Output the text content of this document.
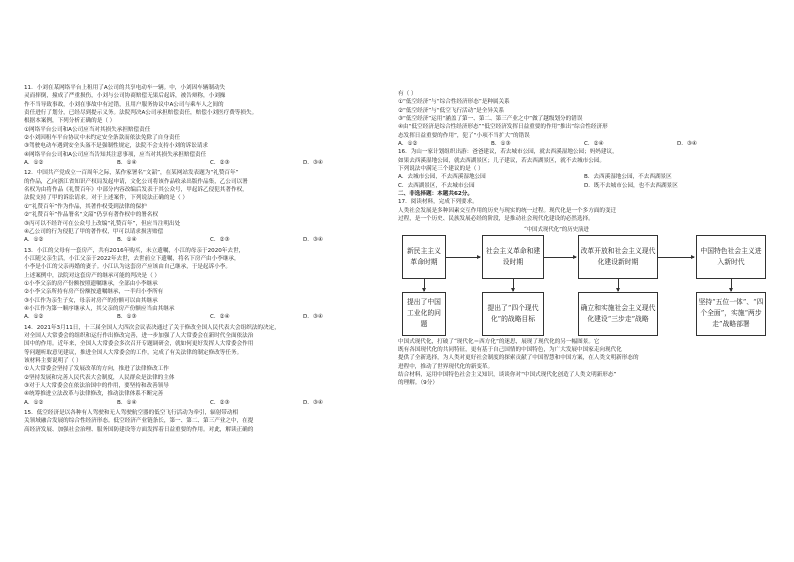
11．小刘在某网络平台上租用了A公司的共享电动车一辆。中，小刘因车辆制动失
灵而摔倒，撞成了严重损伤，小刘与公司协商赔偿无果后起诉，被告辩称，小刘操
作不当导致事故，小刘在事故中有过错，且用户服务协议中A公司与乘车人之间的
责任进行了划分，已经尽到提示义务。法院判决A公司承担赔偿责任，赔偿小刘医疗费等损失。
根据本案例，下列分析正确的是（ ）
①网络平台公司和A公司应当对其损失承担赔偿责任
②小刘因租车平台协议中未约定安全条款而依法免除了自身责任
③驾驶电动车遇到安全头盔不是强制性规定，法院不会支持小刘的诉讼请求
④网络平台公司和A公司应当告知其注意事项，应当对其损失承担赔偿责任
A．①②	B．①④	C．②③	D．③④
12．中国共产党成立一百周年之际，某作家署名“文韶”，在某网站发表题为“礼赞百年”
的作品，乙向浙江省知识产权局发起申请，文化公司将该作品收录出版作品集，乙公司以署
名权为由将作品《礼赞百年》中部分内容改编后发表于其公众号，甲起诉乙侵犯其著作权，
法院支持了甲的诉讼请求。对于上述案件，下列说法正确的是（ ）
①“礼赞百年”作为作品，其著作权受到法律的保护
②“礼赞百年”作品署名“文韶”仍享有著作权中的署名权
③丙可以不经许可在公众号上改编“礼赞百年”，但应当注明出处
④乙公司的行为侵犯了甲的著作权，甲可以请求损害赔偿
A．①②	B．①④	C．②③	D．③④
13．小江的父母有一套房产，共有2016年购买，未立遗嘱，小江的母亲于2020年去世，
小江随父亲生活，小江父亲于2022年去世，去世前立下遗嘱，将名下房产由小李继承，
小李是小江的父亲再婚的妻子。小江认为这套房产应该由自己继承，于是起诉小李。
上述案例中，法院对这套房产的继承可能的判决是（ ）
①小李父亲的房产份额按照遗嘱继承，全部由小李继承
②小李父亲所持有房产份额按遗嘱继承，一半归小李所有
③小江作为亲生子女，母亲对房产的份额可以由其继承
④小江作为第一顺序继承人，其父亲的房产份额应当由其继承
A．①②	B．①③	C．②④	D．③④
14．2021年3月11日，十三届全国人大四次会议表决通过了关于修改全国人民代表大会组织法的决定，
对全国人大常委会的组织和运行作出修改完善，进一步加强了人大常委会在新时代全面依法治
国中的作用。近年来，全国人大常委会多次召开专题调研会，就如何更好发挥人大常委会作用
等问题听取意见建议，推进全国人大常委会的工作，完成了有关法律的制定修改等任务。
该材料主要说明了（ ）
①人大常委会坚持了发展改革的方向，推进了法律修改工作
②坚持发展和完善人民代表大会制度，人民群众是法律的主体
③对于人大常委会在依法治国中的作用，要坚持和改善领导
④统筹推进立法改革与法律修改，推动法律体系不断完善
A．①②	B．①④	C．②③	D．③④
15．低空经济是以各种有人驾驶和无人驾驶航空器的低空飞行活动为牵引，辐射带动相
关领域融合发展的综合性经济形态。低空经济产业链条长，第一、第二、第三产业之中，在提
高经济发展、加强社会治理、服务国防建设等方面发挥着日益重要的作用。对此，解读正确的
有（ ）
①“低空经济”与“综合性经济形态”是种属关系
②“低空经济”与“低空飞行活动”是全异关系
③“低空经济”运用“涵盖了第一、第二、第三产业之中”做了越级划分的错误
④由“低空经济是综合性经济形态”“低空经济发挥日益重要的作用”推出“综合性经济形
态发挥日益重要的作用”，犯了“小项不当扩大”的错误
A．①②	B．①③	C．②④	D．③④
16．为山一家计划组织出游：爸爸建议，若去城市公园，就去西溪湿地公园；妈妈建议，
如果去西溪湿地公园，就去西湖景区；儿子建议，若去西湖景区，就不去城市公园。
下列说法中满足三个建议的是（ ）
A．去城市公园，不去西溪湿地公园	B．去西溪湿地公园，不去西湖景区
C．去西湖景区，不去城市公园	D．既不去城市公园，也不去西湖景区
二、非选择题：本题共62分。
17．阅读材料，完成下列要求。
人类社会发展是多种因素交互作用的历史与现实的统一过程。现代化是一个多方面的变迁
过程，是一个历史、民族发展必经的阶段，是推动社会现代化建设的必然选择。
“中国式现代化”的历史演进
新民主主义革命时期
社会主义革命和建设时期
改革开放和社会主义现代化建设新时期
中国特色社会主义进入新时代
提出了中国工业化的问题
提出了“四个现代化”的战略目标
确立和实施社会主义现代化建设“三步走”战略
坚持“五位一体”、“四个全面”，实施“两步走”战略部署
中国式现代化，打破了“现代化＝西方化”的迷思，展现了现代化的另一幅图景。它
既有各国现代化的共同特征，更有基于自己国情的中国特色，为广大发展中国家走向现代化
提供了全新选择，为人类对更好社会制度的探索贡献了中国智慧和中国方案，在人类文明新形态的
进程中，推动了世界现代化的新变革。
结合材料，运用中国特色社会主义知识，谈谈你对“中国式现代化创造了人类文明新形态”
的理解。（9分）
